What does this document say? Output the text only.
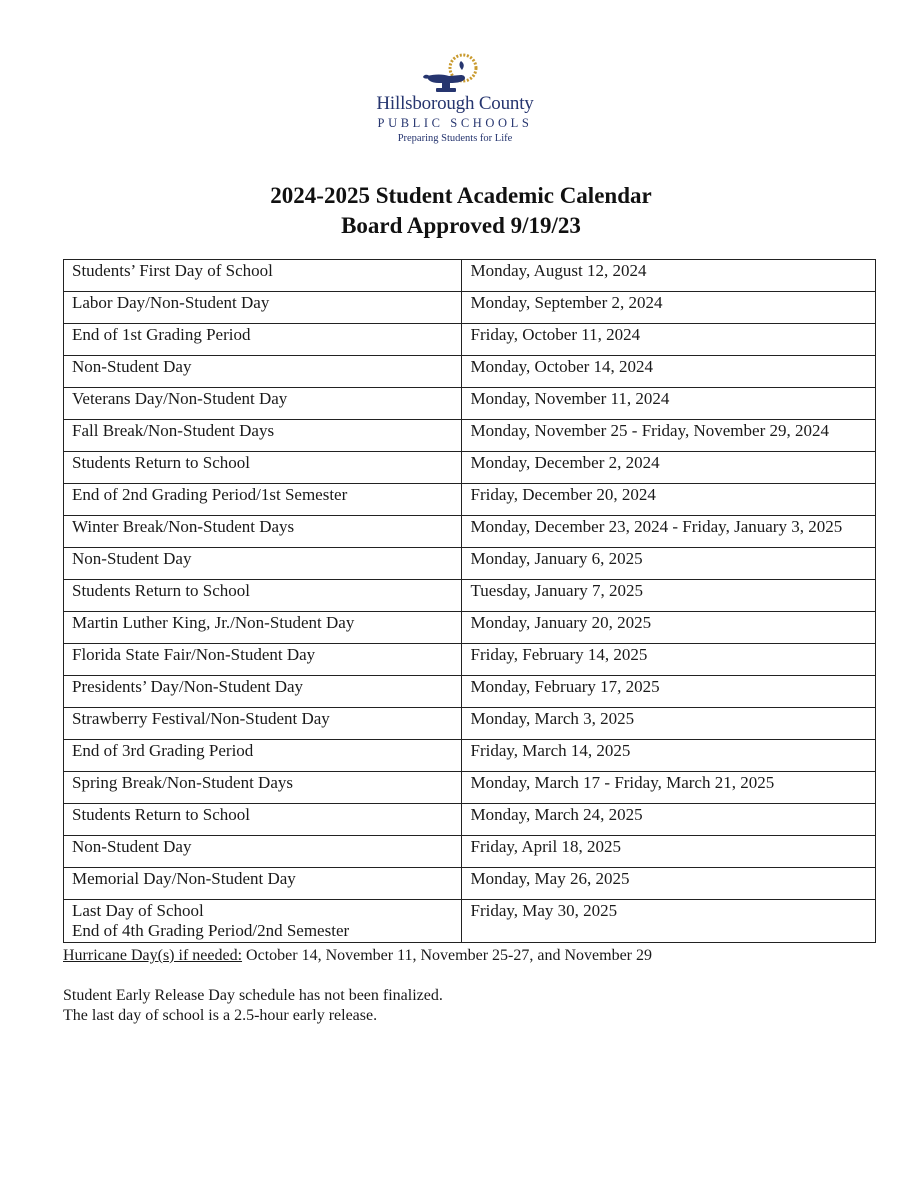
Hillsborough County
PUBLIC SCHOOLS
Preparing Students for Life
2024-2025 Student Academic Calendar
Board Approved 9/19/23
Students’ First Day of School	Monday, August 12, 2024
Labor Day/Non-Student Day	Monday, September 2, 2024
End of 1st Grading Period	Friday, October 11, 2024
Non-Student Day	Monday, October 14, 2024
Veterans Day/Non-Student Day	Monday, November 11, 2024
Fall Break/Non-Student Days	Monday, November 25 - Friday, November 29, 2024
Students Return to School	Monday, December 2, 2024
End of 2nd Grading Period/1st Semester	Friday, December 20, 2024
Winter Break/Non-Student Days	Monday, December 23, 2024 - Friday, January 3, 2025
Non-Student Day	Monday, January 6, 2025
Students Return to School	Tuesday, January 7, 2025
Martin Luther King, Jr./Non-Student Day	Monday, January 20, 2025
Florida State Fair/Non-Student Day	Friday, February 14, 2025
Presidents’ Day/Non-Student Day	Monday, February 17, 2025
Strawberry Festival/Non-Student Day	Monday, March 3, 2025
End of 3rd Grading Period	Friday, March 14, 2025
Spring Break/Non-Student Days	Monday, March 17 - Friday, March 21, 2025
Students Return to School	Monday, March 24, 2025
Non-Student Day	Friday, April 18, 2025
Memorial Day/Non-Student Day	Monday, May 26, 2025

Last Day of School
End of 4th Grading Period/2nd Semester	Friday, May 30, 2025
Hurricane Day(s) if needed: October 14, November 11, November 25-27, and November 29
Student Early Release Day schedule has not been finalized.
The last day of school is a 2.5-hour early release.
